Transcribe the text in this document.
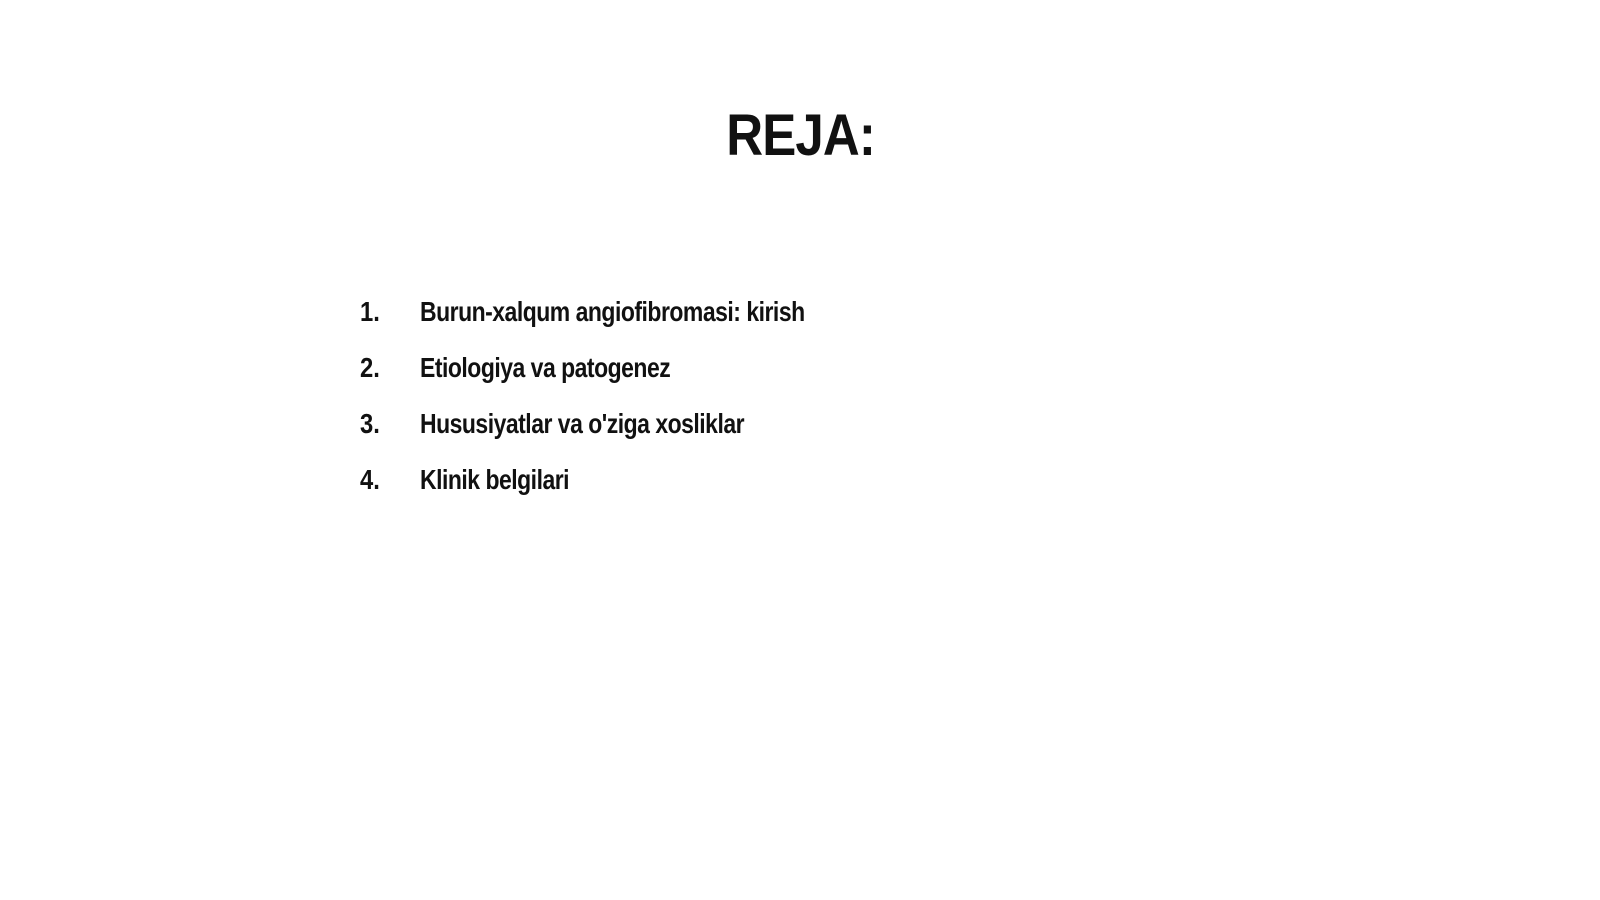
REJA:
1.	Burun-xalqum angiofibromasi: kirish
2.	Etiologiya va patogenez
3.	Hususiyatlar va o'ziga xosliklar
4.	Klinik belgilari
